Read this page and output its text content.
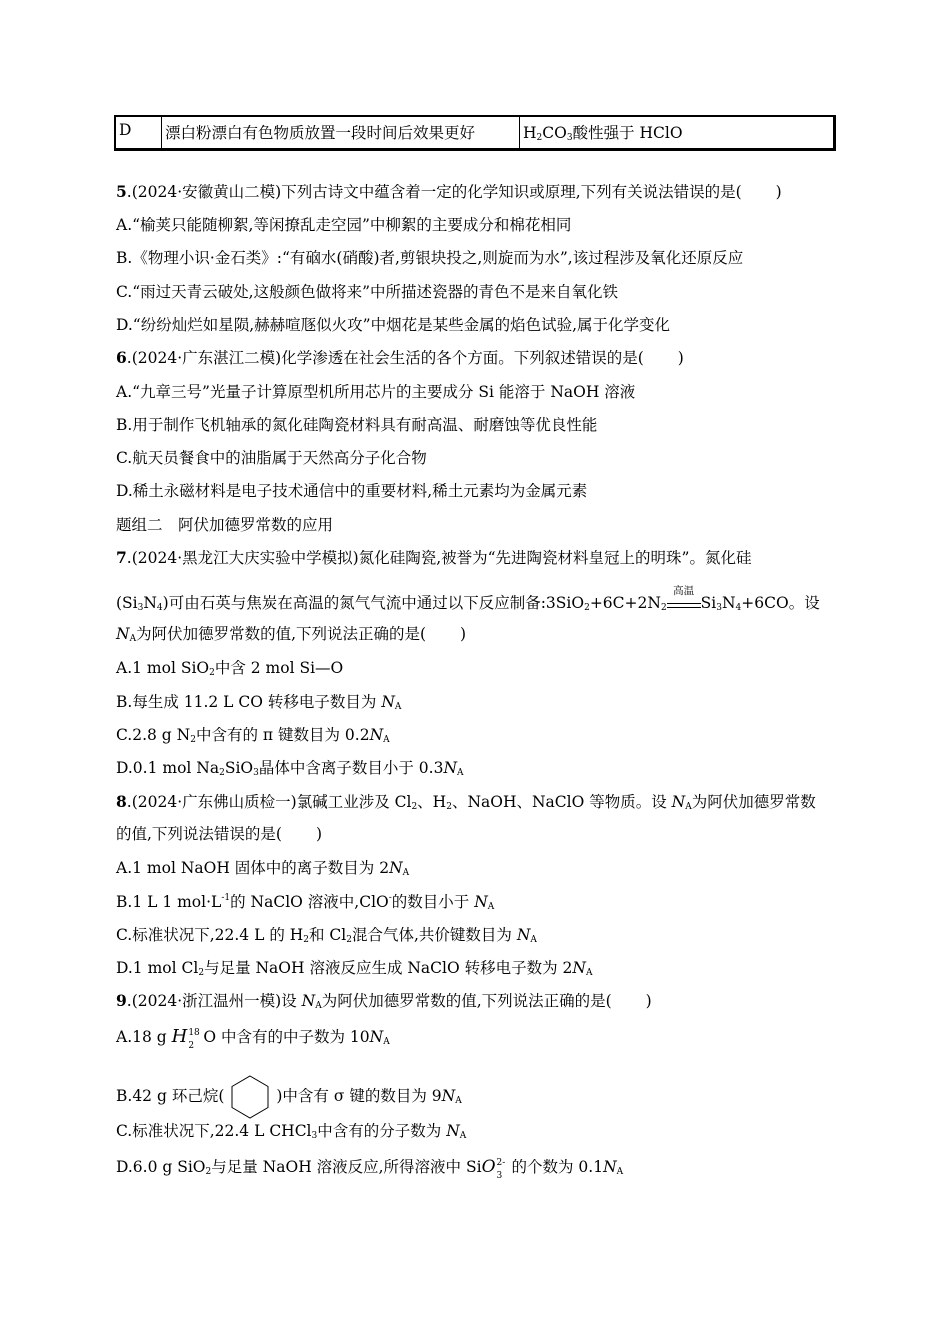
D	漂白粉漂白有色物质放置一段时间后效果更好	$H_2CO_3$酸性强于 HClO
5.(2024·安徽黄山二模)下列古诗文中蕴含着一定的化学知识或原理,下列有关说法错误的是( )
A.“榆荚只能随柳絮,等闲撩乱走空园”中柳絮的主要成分和棉花相同
B.《物理小识·金石类》:“有硇水(硝酸)者,剪银块投之,则旋而为水”,该过程涉及氧化还原反应
C.“雨过天青云破处,这般颜色做将来”中所描述瓷器的青色不是来自氧化铁
D.“纷纷灿烂如星陨,赫赫喧豗似火攻”中烟花是某些金属的焰色试验,属于化学变化
6.(2024·广东湛江二模)化学渗透在社会生活的各个方面。下列叙述错误的是( )
A.“九章三号”光量子计算原型机所用芯片的主要成分 Si 能溶于 NaOH 溶液
B.用于制作飞机轴承的氮化硅陶瓷材料具有耐高温、耐磨蚀等优良性能
C.航天员餐食中的油脂属于天然高分子化合物
D.稀土永磁材料是电子技术通信中的重要材料,稀土元素均为金属元素
题组二　阿伏加德罗常数的应用
7.(2024·黑龙江大庆实验中学模拟)氮化硅陶瓷,被誉为“先进陶瓷材料皇冠上的明珠”。氮化硅
$(Si_3N_4)$可由石英与焦炭在高温的氮气气流中通过以下反应制备$:3SiO_2+6C+2N_2$
高温
$Si_3N_4+6CO$。设
$N_A$为阿伏加德罗常数的值,下列说法正确的是( )
A.1 mol SiO$_2$中含 2 mol Si—O
B.每生成 11.2 L CO 转移电子数目为 $N_A$
C.2.8 g $N_2$中含有的 π 键数目为 $0.2N_A$
D.0.1 mol $Na_2SiO_3$晶体中含离子数目小于 $0.3N_A$
8.(2024·广东佛山质检一)氯碱工业涉及 $Cl_2$、$H_2$、NaOH、NaClO 等物质。设 $N_A$为阿伏加德罗常数
的值,下列说法错误的是( )
A.1 mol NaOH 固体中的离子数目为 $2N_A$
B.1 L 1 $mol\cdot L^{-1}$的 NaClO 溶液中,ClO-的数目小于 $N_A$
C.标准状况下,22.4 L 的 $H_2$和 $Cl_2$混合气体,共价键数目为 $N_A$
D.1 mol $Cl_2$与足量 NaOH 溶液反应生成 NaClO 转移电子数为 $2N_A$
9.(2024·浙江温州一模)设 $N_A$为阿伏加德罗常数的值,下列说法正确的是( )
A.18 g H 18
2 O 中含有的中子数为 $10N_A$
B.42 g 环己烷(	)中含有 σ 键的数目为 $9N_A$
C.标准状况下,22.4 L CHCl$_3$中含有的分子数为 $N_A$
D.6.0 g SiO$_2$与足量 NaOH 溶液反应,所得溶液中 SiO 2-
3 的个数为 $0.1N_A$
